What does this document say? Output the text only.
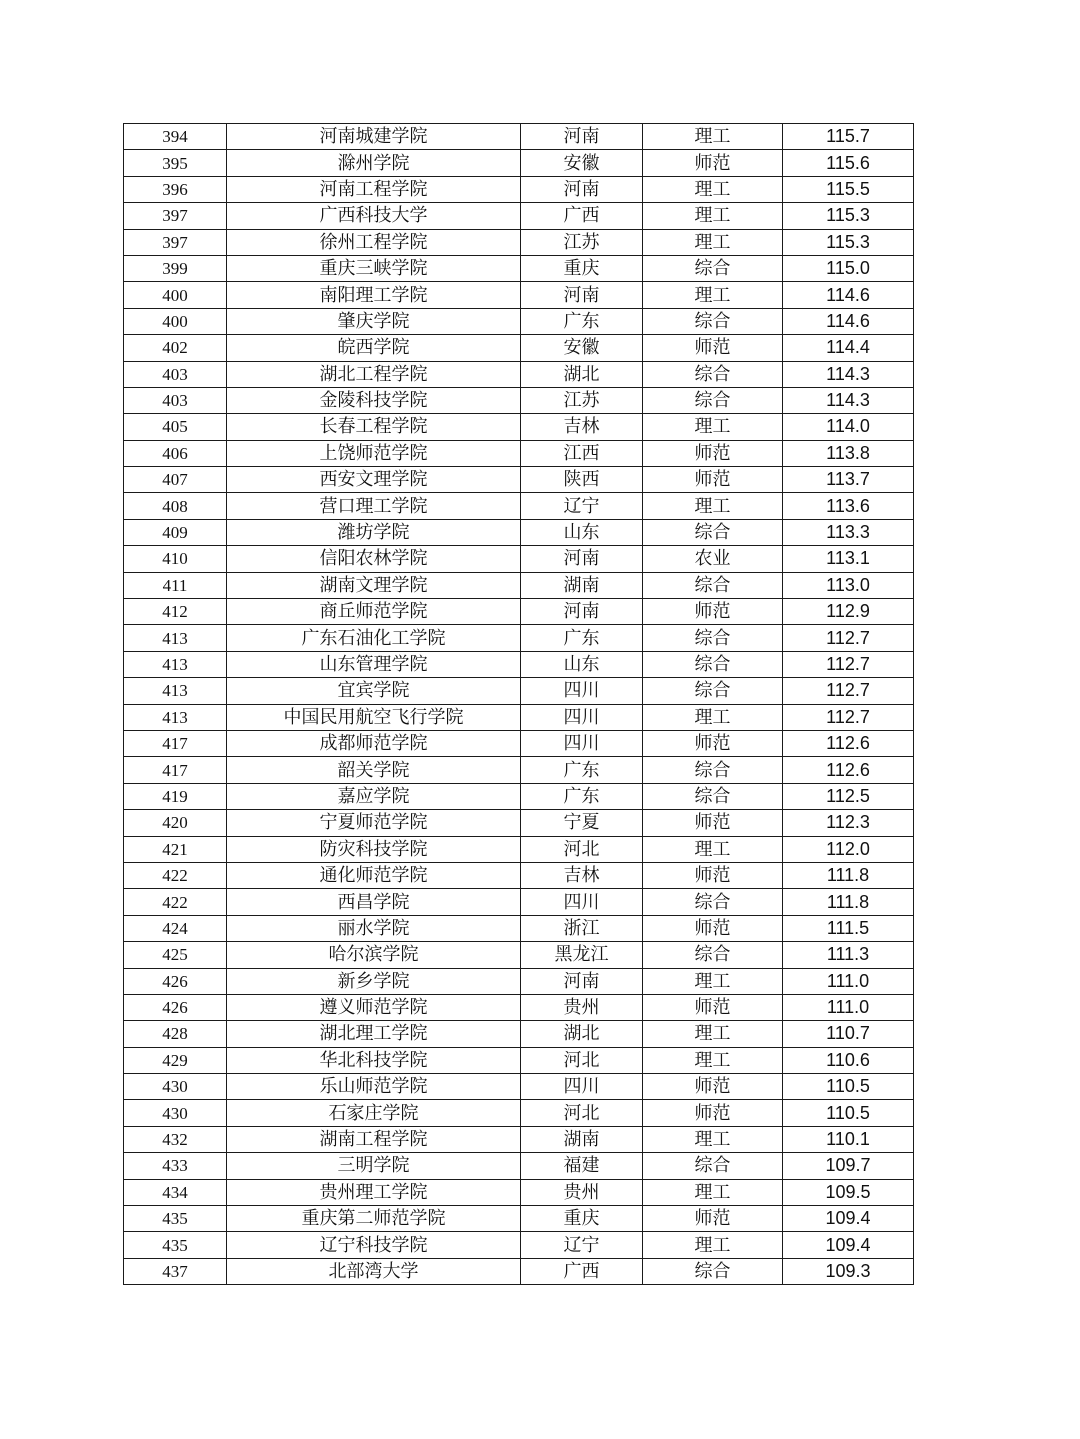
394	河南城建学院	河南	理工	115.7
395	滁州学院	安徽	师范	115.6
396	河南工程学院	河南	理工	115.5
397	广西科技大学	广西	理工	115.3
397	徐州工程学院	江苏	理工	115.3
399	重庆三峡学院	重庆	综合	115.0
400	南阳理工学院	河南	理工	114.6
400	肇庆学院	广东	综合	114.6
402	皖西学院	安徽	师范	114.4
403	湖北工程学院	湖北	综合	114.3
403	金陵科技学院	江苏	综合	114.3
405	长春工程学院	吉林	理工	114.0
406	上饶师范学院	江西	师范	113.8
407	西安文理学院	陕西	师范	113.7
408	营口理工学院	辽宁	理工	113.6
409	潍坊学院	山东	综合	113.3
410	信阳农林学院	河南	农业	113.1
411	湖南文理学院	湖南	综合	113.0
412	商丘师范学院	河南	师范	112.9
413	广东石油化工学院	广东	综合	112.7
413	山东管理学院	山东	综合	112.7
413	宜宾学院	四川	综合	112.7
413	中国民用航空飞行学院	四川	理工	112.7
417	成都师范学院	四川	师范	112.6
417	韶关学院	广东	综合	112.6
419	嘉应学院	广东	综合	112.5
420	宁夏师范学院	宁夏	师范	112.3
421	防灾科技学院	河北	理工	112.0
422	通化师范学院	吉林	师范	111.8
422	西昌学院	四川	综合	111.8
424	丽水学院	浙江	师范	111.5
425	哈尔滨学院	黑龙江	综合	111.3
426	新乡学院	河南	理工	111.0
426	遵义师范学院	贵州	师范	111.0
428	湖北理工学院	湖北	理工	110.7
429	华北科技学院	河北	理工	110.6
430	乐山师范学院	四川	师范	110.5
430	石家庄学院	河北	师范	110.5
432	湖南工程学院	湖南	理工	110.1
433	三明学院	福建	综合	109.7
434	贵州理工学院	贵州	理工	109.5
435	重庆第二师范学院	重庆	师范	109.4
435	辽宁科技学院	辽宁	理工	109.4
437	北部湾大学	广西	综合	109.3
